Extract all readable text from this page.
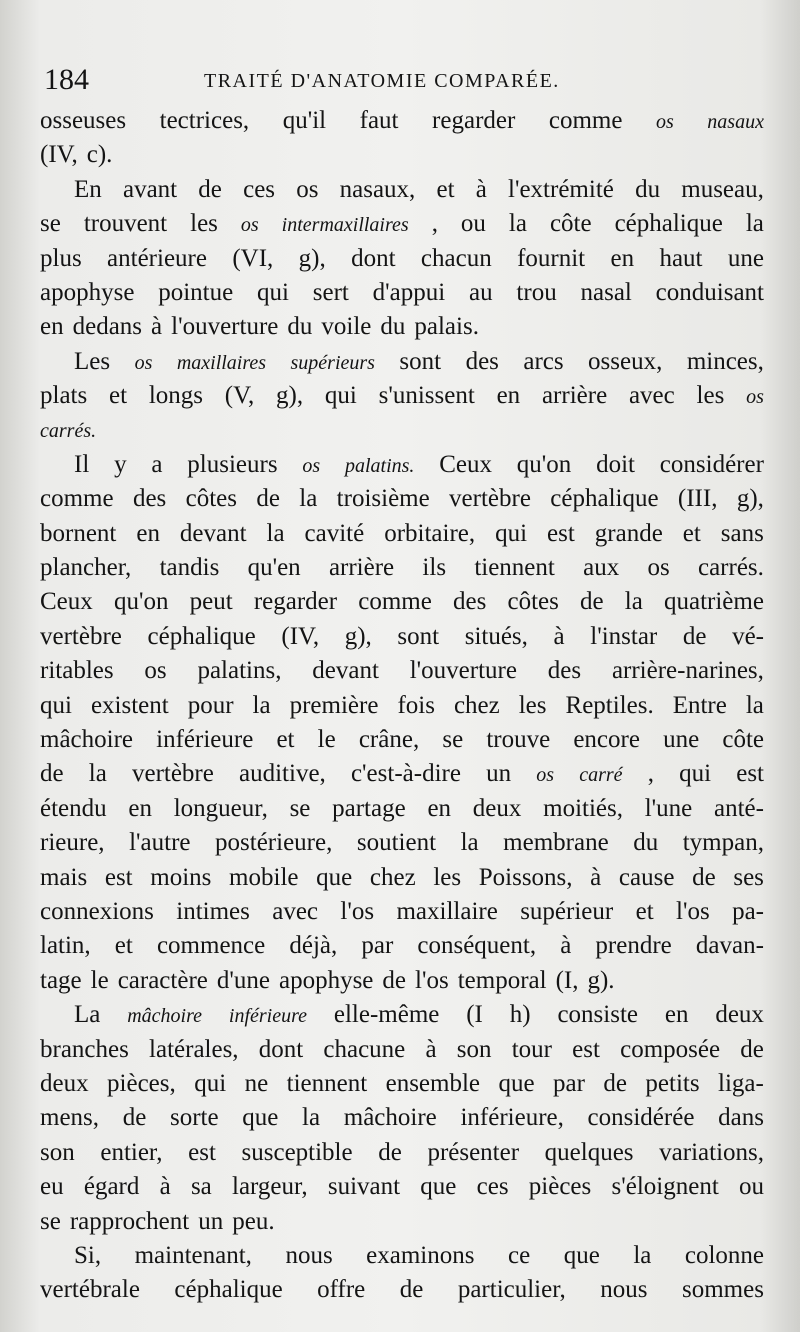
184	TRAITÉ D'ANATOMIE COMPARÉE.
osseuses tectrices, qu'il faut regarder comme os nasaux
(IV, c).
En avant de ces os nasaux, et à l'extrémité du museau,
se trouvent les os intermaxillaires , ou la côte céphalique la
plus antérieure (VI, g), dont chacun fournit en haut une
apophyse pointue qui sert d'appui au trou nasal conduisant
en dedans à l'ouverture du voile du palais.
Les os maxillaires supérieurs sont des arcs osseux, minces,
plats et longs (V, g), qui s'unissent en arrière avec les os
carrés.
Il y a plusieurs os palatins. Ceux qu'on doit considérer
comme des côtes de la troisième vertèbre céphalique (III, g),
bornent en devant la cavité orbitaire, qui est grande et sans
plancher, tandis qu'en arrière ils tiennent aux os carrés.
Ceux qu'on peut regarder comme des côtes de la quatrième
vertèbre céphalique (IV, g), sont situés, à l'instar de vé-
ritables os palatins, devant l'ouverture des arrière-narines,
qui existent pour la première fois chez les Reptiles. Entre la
mâchoire inférieure et le crâne, se trouve encore une côte
de la vertèbre auditive, c'est-à-dire un os carré , qui est
étendu en longueur, se partage en deux moitiés, l'une anté-
rieure, l'autre postérieure, soutient la membrane du tympan,
mais est moins mobile que chez les Poissons, à cause de ses
connexions intimes avec l'os maxillaire supérieur et l'os pa-
latin, et commence déjà, par conséquent, à prendre davan-
tage le caractère d'une apophyse de l'os temporal (I, g).
La mâchoire inférieure elle-même (I h) consiste en deux
branches latérales, dont chacune à son tour est composée de
deux pièces, qui ne tiennent ensemble que par de petits liga-
mens, de sorte que la mâchoire inférieure, considérée dans
son entier, est susceptible de présenter quelques variations,
eu égard à sa largeur, suivant que ces pièces s'éloignent ou
se rapprochent un peu.
Si, maintenant, nous examinons ce que la colonne
vertébrale céphalique offre de particulier, nous sommes
